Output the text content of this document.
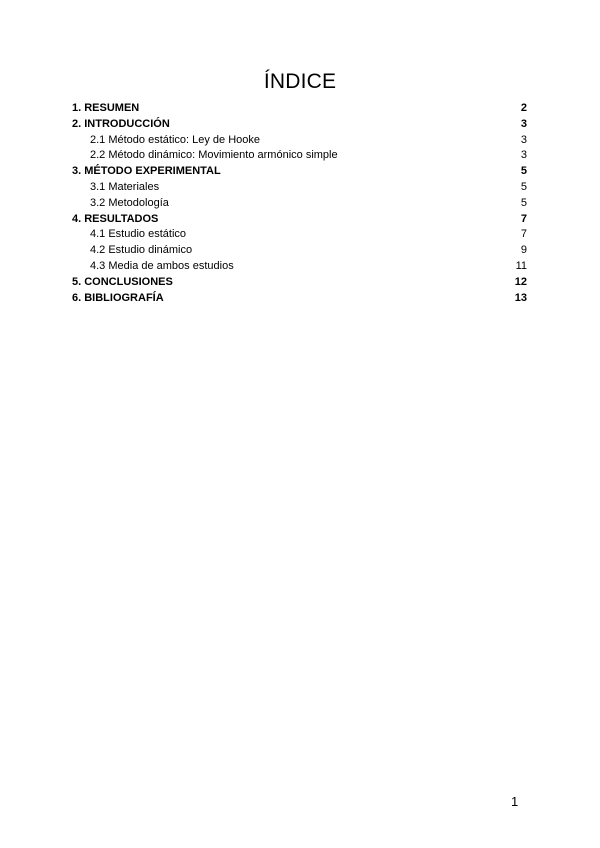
ÍNDICE
1. RESUMEN	2
2. INTRODUCCIÓN	3
2.1 Método estático: Ley de Hooke	3
2.2 Método dinámico: Movimiento armónico simple	3
3. MÉTODO EXPERIMENTAL	5
3.1 Materiales	5
3.2 Metodología	5
4. RESULTADOS	7
4.1 Estudio estático	7
4.2 Estudio dinámico	9
4.3 Media de ambos estudios	11
5. CONCLUSIONES	12
6. BIBLIOGRAFÍA	13
1
